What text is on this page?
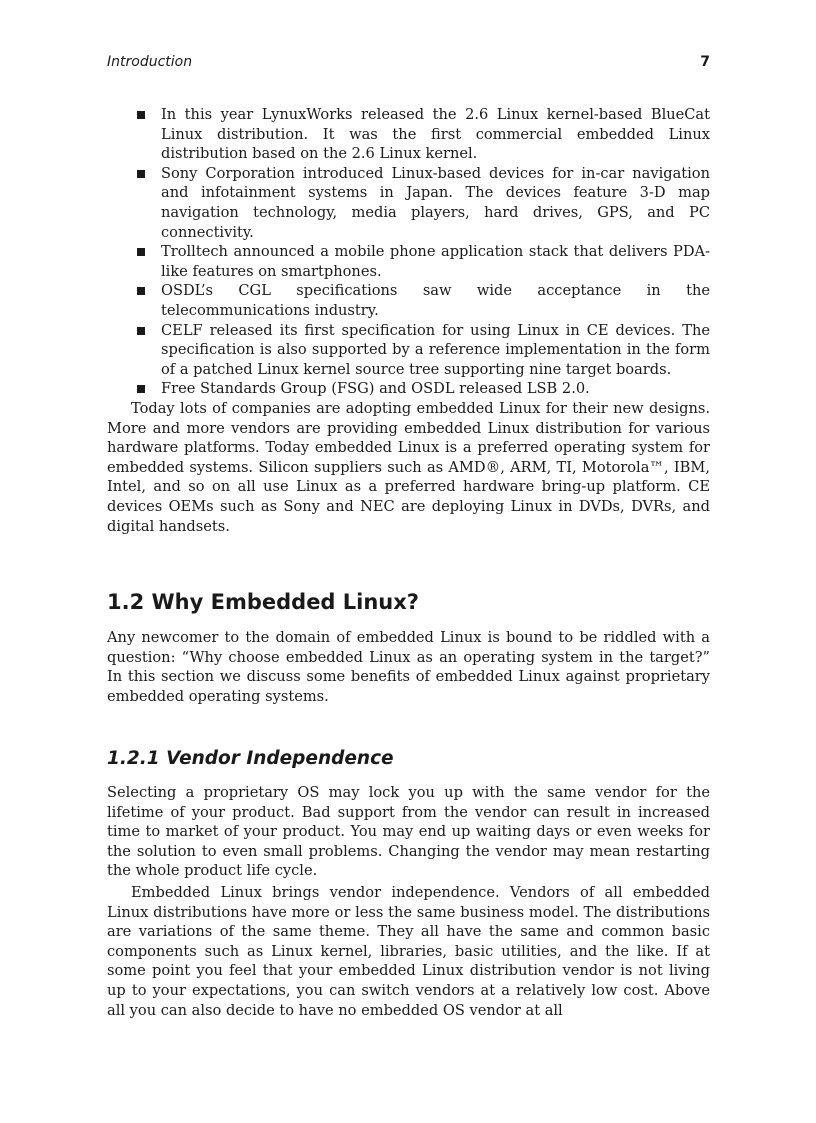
Introduction	7
In this year LynuxWorks released the 2.6 Linux kernel-based BlueCat Linux distribution. It was the first commercial embedded Linux distribution based on the 2.6 Linux kernel.
Sony Corporation introduced Linux-based devices for in-car navigation and infotainment systems in Japan. The devices feature 3-D map navigation technology, media players, hard drives, GPS, and PC connectivity.
Trolltech announced a mobile phone application stack that delivers PDA-like features on smartphones.
OSDL’s CGL specifications saw wide acceptance in the telecommunications industry.
CELF released its first specification for using Linux in CE devices. The specification is also supported by a reference implementation in the form of a patched Linux kernel source tree supporting nine target boards.
Free Standards Group (FSG) and OSDL released LSB 2.0.

Today lots of companies are adopting embedded Linux for their new designs. More and more vendors are providing embedded Linux distribution for various hardware platforms. Today embedded Linux is a preferred operating system for embedded systems. Silicon suppliers such as AMD®, ARM, TI, Motorola™, IBM, Intel, and so on all use Linux as a preferred hardware bring-up platform. CE devices OEMs such as Sony and NEC are deploying Linux in DVDs, DVRs, and digital handsets.

1.2 Why Embedded Linux?

Any newcomer to the domain of embedded Linux is bound to be riddled with a question: “Why choose embedded Linux as an operating system in the target?” In this section we discuss some benefits of embedded Linux against proprietary embedded operating systems.

1.2.1 Vendor Independence

Selecting a proprietary OS may lock you up with the same vendor for the lifetime of your product. Bad support from the vendor can result in increased time to market of your product. You may end up waiting days or even weeks for the solution to even small problems. Changing the vendor may mean restarting the whole product life cycle.

Embedded Linux brings vendor independence. Vendors of all embedded Linux distributions have more or less the same business model. The distributions are variations of the same theme. They all have the same and common basic components such as Linux kernel, libraries, basic utilities, and the like. If at some point you feel that your embedded Linux distribution vendor is not living up to your expectations, you can switch vendors at a relatively low cost. Above all you can also decide to have no embedded OS vendor at all
